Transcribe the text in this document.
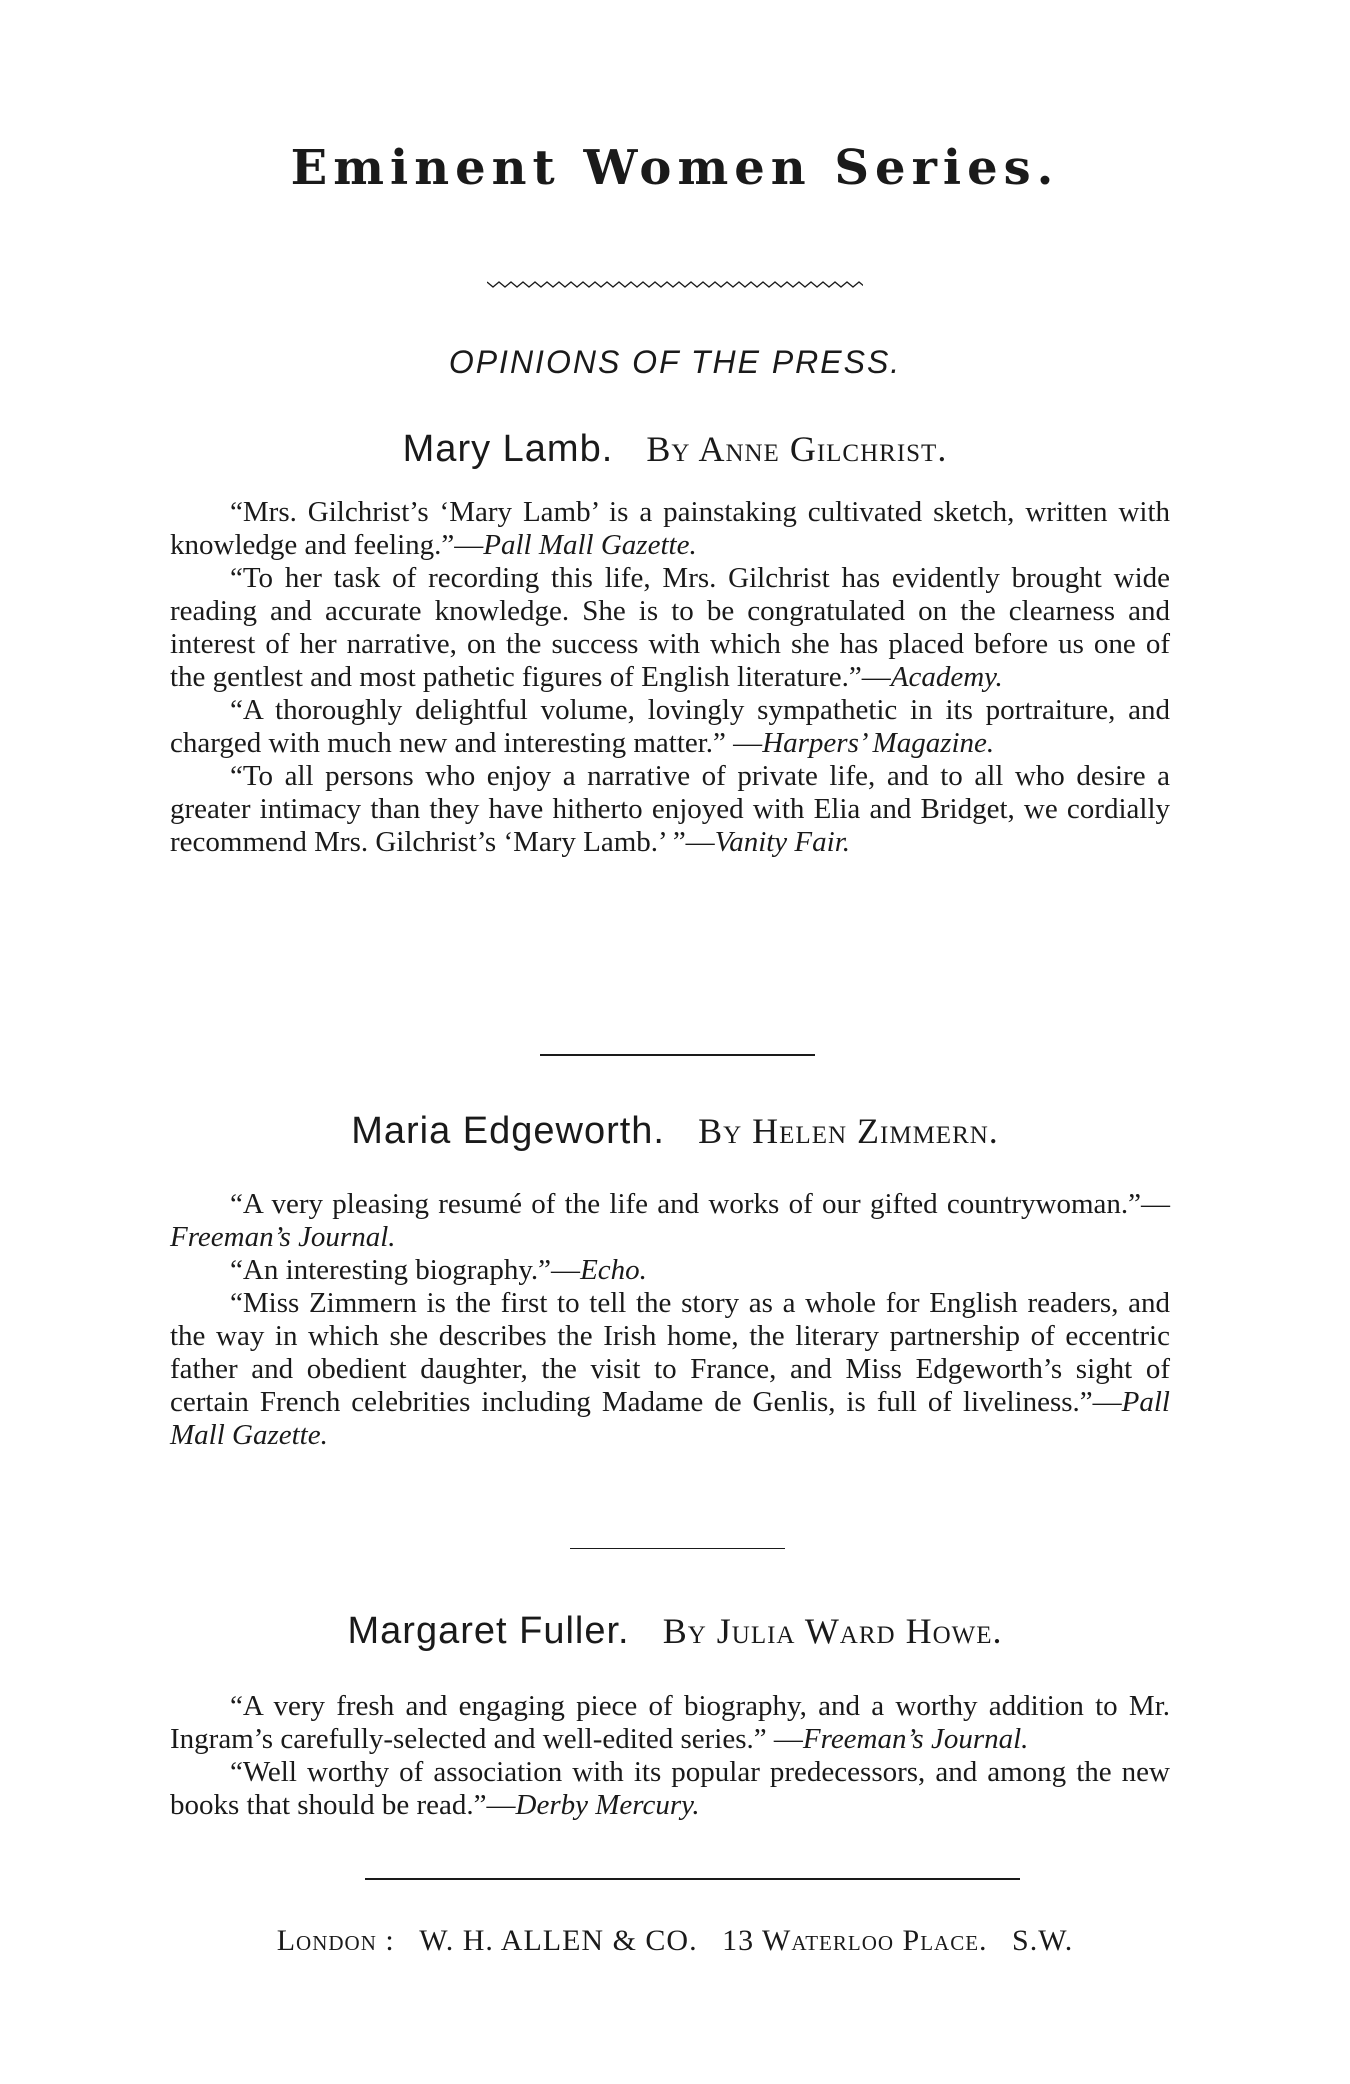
Eminent Women Series.
OPINIONS OF THE PRESS.
Mary Lamb. By Anne Gilchrist.

“Mrs. Gilchrist’s ‘Mary Lamb’ is a painstaking cultivated sketch, written with knowledge and feeling.”—Pall Mall Gazette.

“To her task of recording this life, Mrs. Gilchrist has evidently brought wide reading and accurate knowledge. She is to be congratulated on the clearness and interest of her narrative, on the success with which she has placed before us one of the gentlest and most pathetic figures of English literature.”—Academy.

“A thoroughly delightful volume, lovingly sympathetic in its portraiture, and charged with much new and interesting matter.” —Harpers’ Magazine.

“To all persons who enjoy a narrative of private life, and to all who desire a greater intimacy than they have hitherto enjoyed with Elia and Bridget, we cordially recommend Mrs. Gilchrist’s ‘Mary Lamb.’ ”—Vanity Fair.

Maria Edgeworth. By Helen Zimmern.

“A very pleasing resumé of the life and works of our gifted countrywoman.”—Freeman’s Journal.

“An interesting biography.”—Echo.

“Miss Zimmern is the first to tell the story as a whole for English readers, and the way in which she describes the Irish home, the literary partnership of eccentric father and obedient daughter, the visit to France, and Miss Edgeworth’s sight of certain French celebrities including Madame de Genlis, is full of liveliness.”—Pall Mall Gazette.

Margaret Fuller. By Julia Ward Howe.

“A very fresh and engaging piece of biography, and a worthy addition to Mr. Ingram’s carefully-selected and well-edited series.” —Freeman’s Journal.

“Well worthy of association with its popular predecessors, and among the new books that should be read.”—Derby Mercury.

London : W. H. ALLEN & CO. 13 Waterloo Place. S.W.
